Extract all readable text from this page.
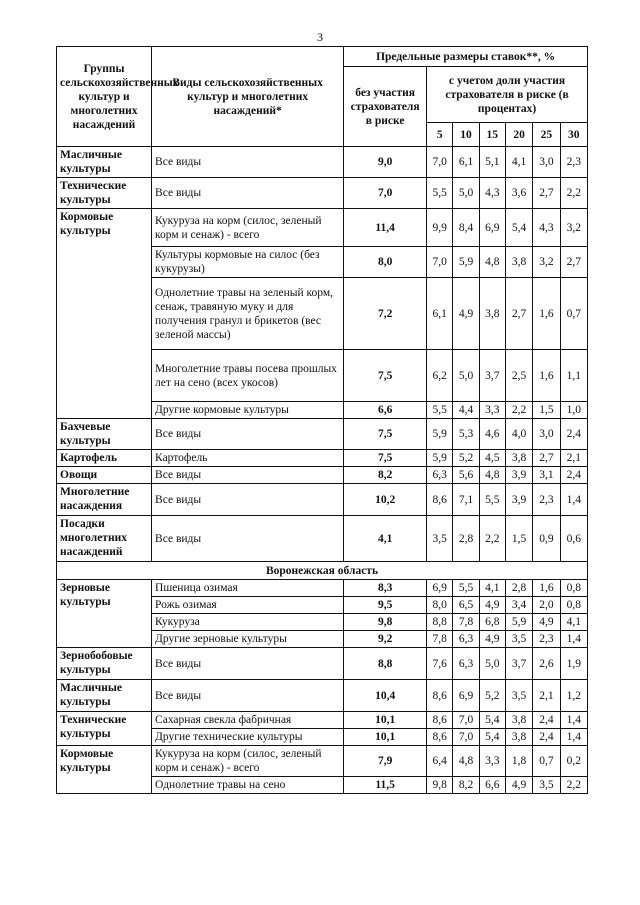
3
Группы сельскохозяйственных культур и многолетних насаждений	Виды сельскохозяйственных культур и многолетних насаждений*	Предельные размеры ставок**, %						
		без участия страхователя в риске	с учетом доли участия страхователя в риске (в процентах)					
			5	10	15	20	25	30
Масличные культуры	Все виды	9,0	7,0	6,1	5,1	4,1	3,0	2,3
Технические культуры	Все виды	7,0	5,5	5,0	4,3	3,6	2,7	2,2
Кормовые культуры	Кукуруза на корм (силос, зеленый корм и сенаж) - всего	11,4	9,9	8,4	6,9	5,4	4,3	3,2
	Культуры кормовые на силос (без кукурузы)	8,0	7,0	5,9	4,8	3,8	3,2	2,7
	Однолетние травы на зеленый корм, сенаж, травяную муку и для получения гранул и брикетов (вес зеленой массы)	7,2	6,1	4,9	3,8	2,7	1,6	0,7
	Многолетние травы посева прошлых лет на сено (всех укосов)	7,5	6,2	5,0	3,7	2,5	1,6	1,1
	Другие кормовые культуры	6,6	5,5	4,4	3,3	2,2	1,5	1,0
Бахчевые культуры	Все виды	7,5	5,9	5,3	4,6	4,0	3,0	2,4
Картофель	Картофель	7,5	5,9	5,2	4,5	3,8	2,7	2,1
Овощи	Все виды	8,2	6,3	5,6	4,8	3,9	3,1	2,4
Многолетние насаждения	Все виды	10,2	8,6	7,1	5,5	3,9	2,3	1,4
Посадки многолетних насаждений	Все виды	4,1	3,5	2,8	2,2	1,5	0,9	0,6
Воронежская область								
Зерновые культуры	Пшеница озимая	8,3	6,9	5,5	4,1	2,8	1,6	0,8
	Рожь озимая	9,5	8,0	6,5	4,9	3,4	2,0	0,8
	Кукуруза	9,8	8,8	7,8	6,8	5,9	4,9	4,1
	Другие зерновые культуры	9,2	7,8	6,3	4,9	3,5	2,3	1,4
Зернобобовые культуры	Все виды	8,8	7,6	6,3	5,0	3,7	2,6	1,9
Масличные культуры	Все виды	10,4	8,6	6,9	5,2	3,5	2,1	1,2
Технические культуры	Сахарная свекла фабричная	10,1	8,6	7,0	5,4	3,8	2,4	1,4
	Другие технические культуры	10,1	8,6	7,0	5,4	3,8	2,4	1,4
Кормовые культуры	Кукуруза на корм (силос, зеленый корм и сенаж) - всего	7,9	6,4	4,8	3,3	1,8	0,7	0,2
	Однолетние травы на сено	11,5	9,8	8,2	6,6	4,9	3,5	2,2
